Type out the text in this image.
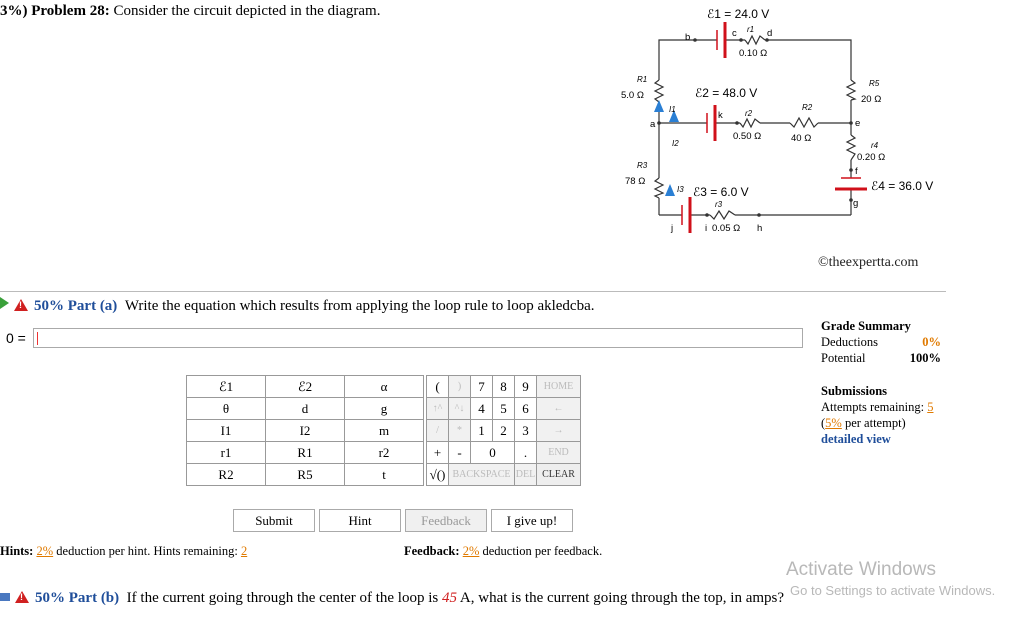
3%) Problem 28: Consider the circuit depicted in the diagram.	ℰ1 = 24.0 V
b	c	d
r1
0.10 Ω
R1
5.0 Ω
I1
ℰ2 = 48.0 V
k
a
r2
0.50 Ω
R2
40 Ω
I2
R5
20 Ω
e
r4
0.20 Ω
f
ℰ4 = 36.0 V
g
R3
78 Ω
I3 ℰ3 = 6.0 V
r3
j	i 0.05 Ω h
©theexpertta.com
!50% Part (a) Write the equation which results from applying the loop rule to loop akledcba.
0 =
Grade Summary
Deductions	0%
Potential	100%
Submissions
Attempts remaining: 5
(5% per attempt)
detailed view
ℰ1	ℰ2	α
θ	d	g
I1	I2	m
r1	R1	r2
R2	R5	t
(	)	7	8	9	HOME
↑^	^↓	4	5	6	←
/	*	1	2	3	→
+	-	0		.	END
√()	BACKSPACE			DEL	CLEAR
Submit	Hint	Feedback	I give up!
Hints: 2% deduction per hint. Hints remaining: 2	Feedback: 2% deduction per feedback.
!50% Part (b) If the current going through the center of the loop is 45 A, what is the current going through the top, in amps?
Activate Windows
Go to Settings to activate Windows.
